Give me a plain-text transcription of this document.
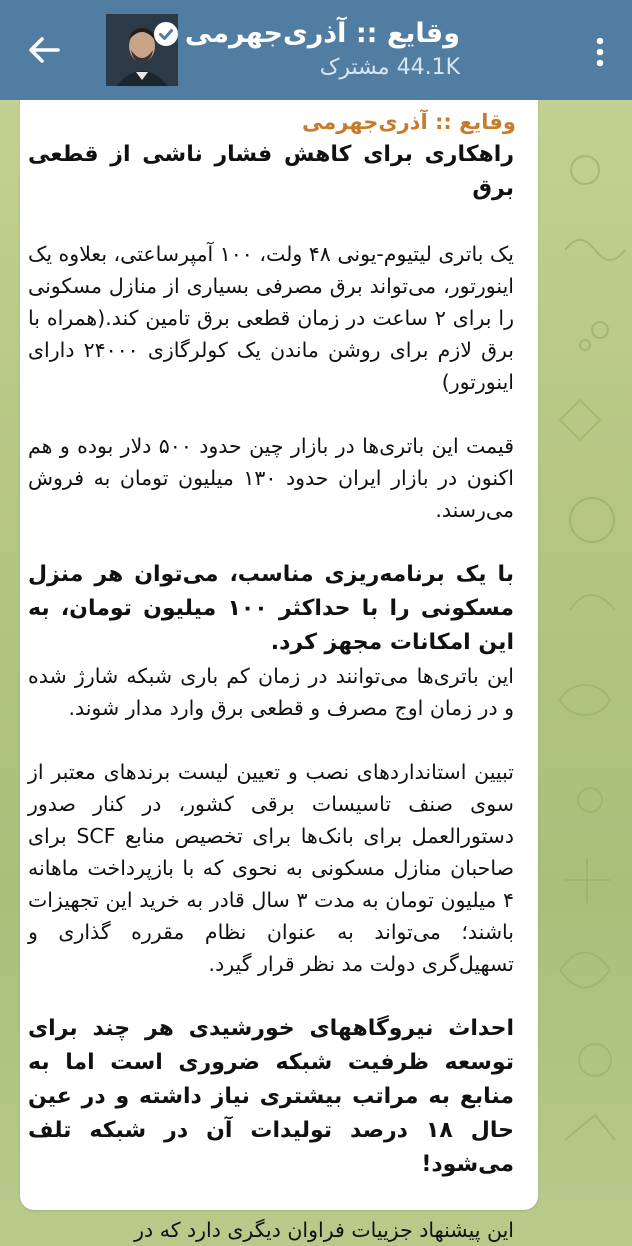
وقایع :: آذری‌جهرمی
44.1K مشترک
وقایع :: آذری‌جهرمی

راهکاری برای کاهش فشار ناشی از قطعی برق

یک باتری لیتیوم-یونی ۴۸ ولت، ۱۰۰ آمپرساعتی، بعلاوه یک اینورتور، می‌تواند برق مصرفی بسیاری از منازل مسکونی را برای ۲ ساعت در زمان قطعی برق تامین کند.(همراه با برق لازم برای روشن ماندن یک کولرگازی ۲۴۰۰۰ دارای اینورتور)

قیمت این باتری‌ها در بازار چین حدود ۵۰۰ دلار بوده و هم اکنون در بازار ایران حدود ۱۳۰ میلیون تومان به فروش می‌رسند.

با یک برنامه‌ریزی مناسب، می‌توان هر منزل مسکونی را با حداکثر ۱۰۰ میلیون تومان، به این امکانات مجهز کرد.

این باتری‌ها می‌توانند در زمان کم باری شبکه شارژ شده و در زمان اوج مصرف و قطعی برق وارد مدار شوند.

تبیین استانداردهای نصب و تعیین لیست برندهای معتبر از سوی صنف تاسیسات برقی کشور، در کنار صدور دستورالعمل برای بانک‌ها برای تخصیص منابع SCF برای صاحبان منازل مسکونی به نحوی که با بازپرداخت ماهانه ۴ میلیون تومان به مدت ۳ سال قادر به خرید این تجهیزات باشند؛ می‌تواند به عنوان نظام مقرره گذاری و تسهیل‌گری دولت مد نظر قرار گیرد.

احداث نیروگاههای خورشیدی هر چند برای توسعه ظرفیت شبکه ضروری است اما به منابع به مراتب بیشتری نیاز داشته و در عین حال ۱۸ درصد تولیدات آن در شبکه تلف می‌شود!

این پیشنهاد جزییات فراوان دیگری دارد که در
